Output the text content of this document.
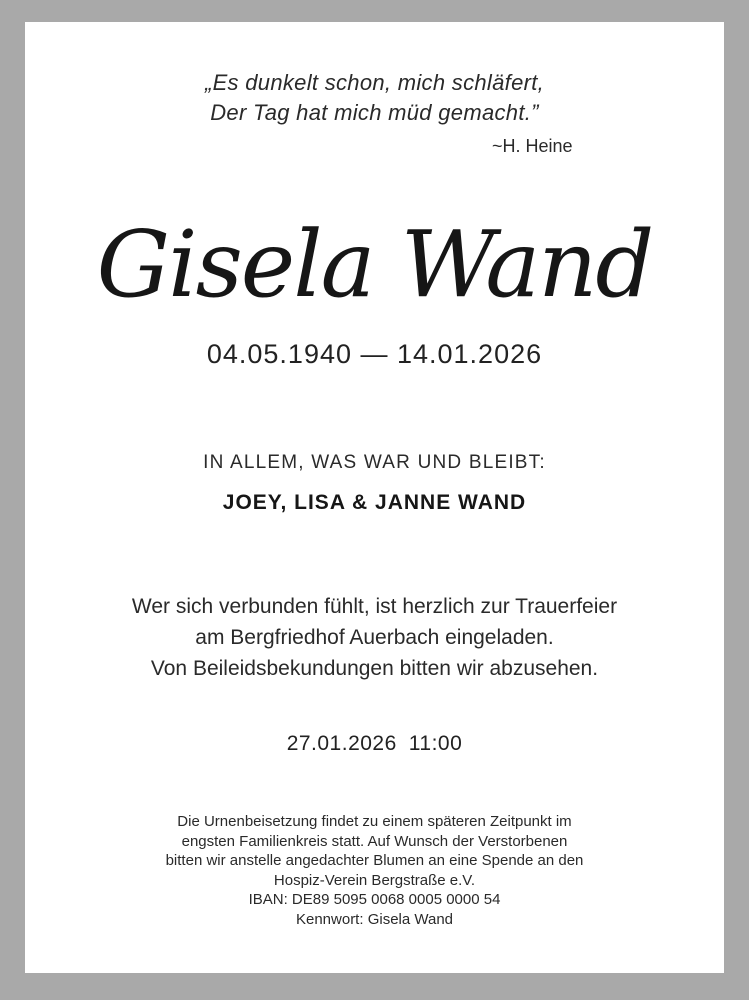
„Es dunkelt schon, mich schläfert,
Der Tag hat mich müd gemacht.”
~H. Heine
Gisela Wand
04.05.1940 — 14.01.2026
IN ALLEM, WAS WAR UND BLEIBT:
JOEY, LISA & JANNE WAND
Wer sich verbunden fühlt, ist herzlich zur Trauerfeier
am Bergfriedhof Auerbach eingeladen.
Von Beileidsbekundungen bitten wir abzusehen.
27.01.2026 11:00
Die Urnenbeisetzung findet zu einem späteren Zeitpunkt im
engsten Familienkreis statt. Auf Wunsch der Verstorbenen
bitten wir anstelle angedachter Blumen an eine Spende an den
Hospiz-Verein Bergstraße e.V.
IBAN: DE89 5095 0068 0005 0000 54
Kennwort: Gisela Wand
